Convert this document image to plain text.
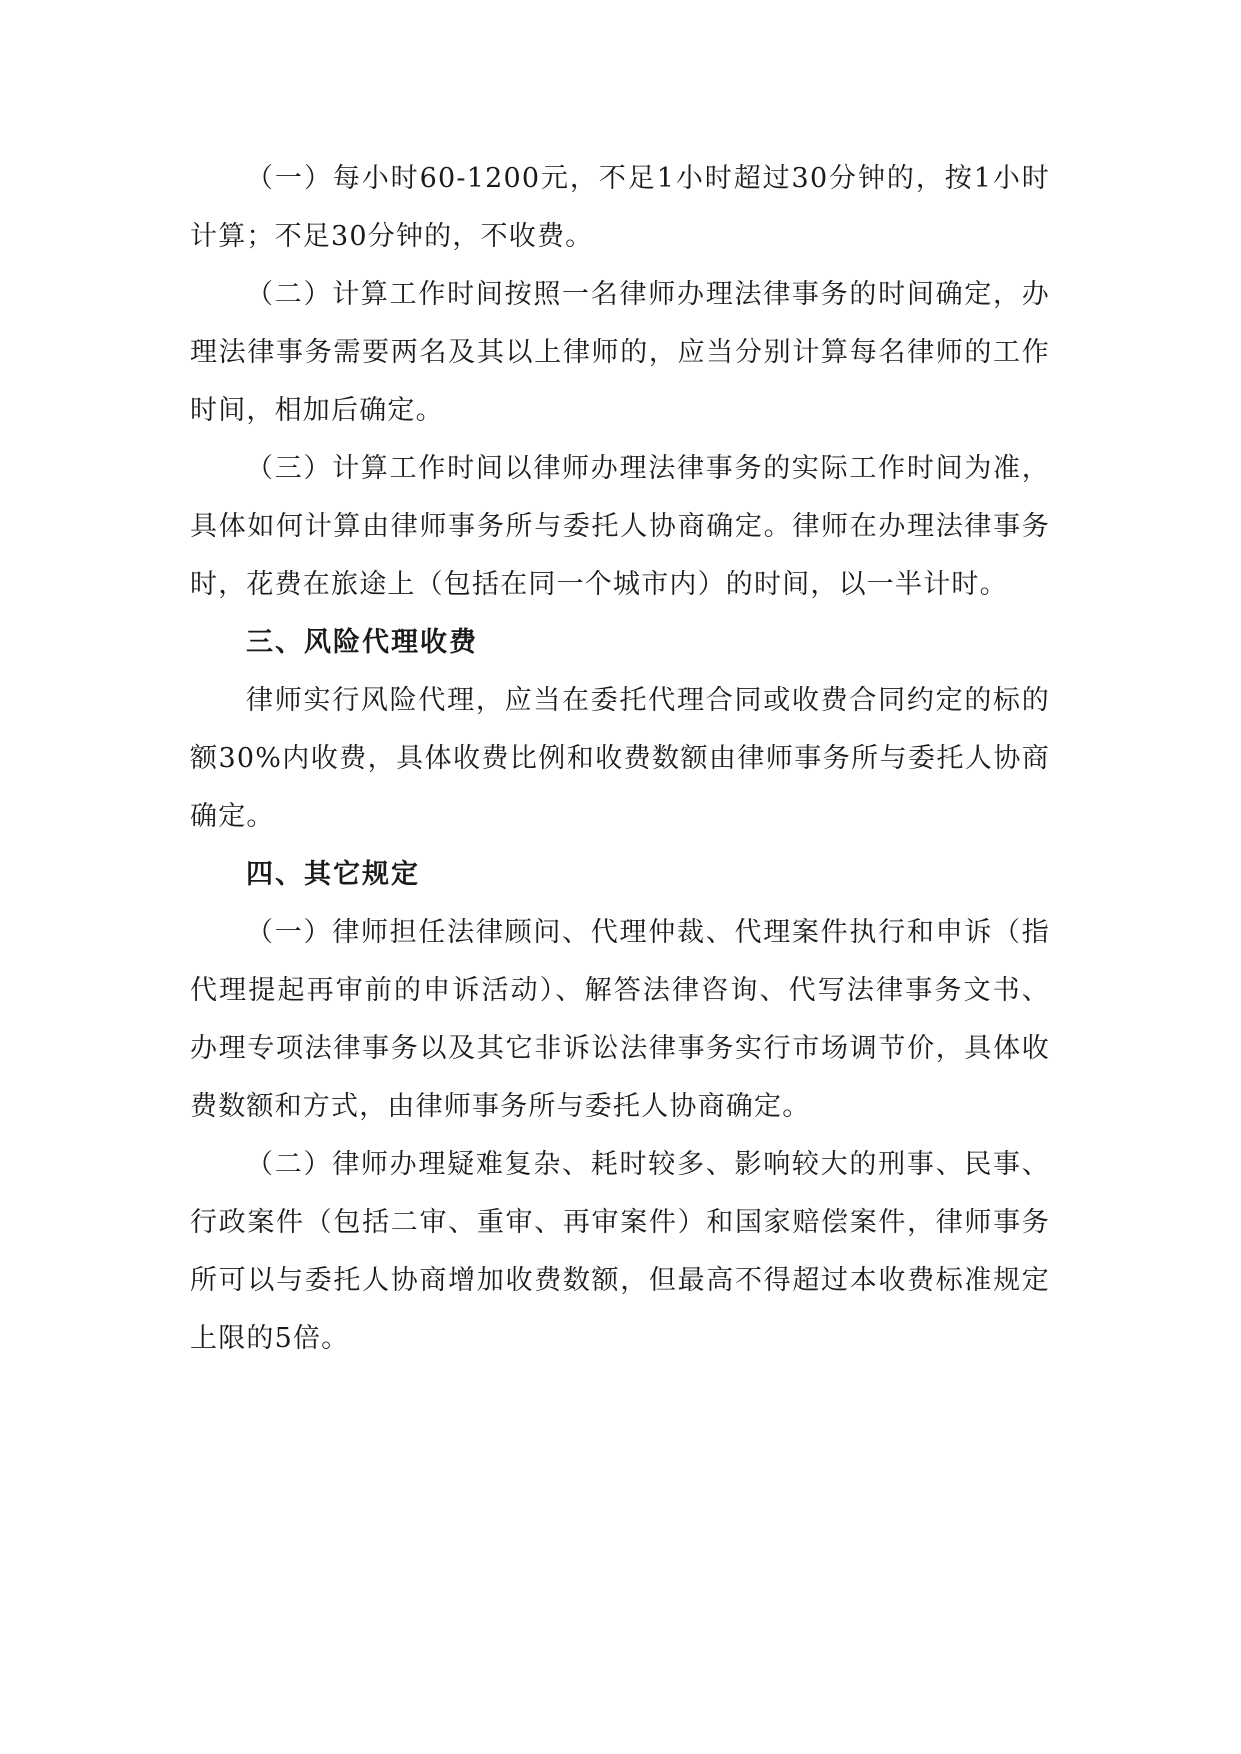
（一）每小时60-1200元，不足1小时超过30分钟的，按1小时计算；不足30分钟的，不收费。

（二）计算工作时间按照一名律师办理法律事务的时间确定，办理法律事务需要两名及其以上律师的，应当分别计算每名律师的工作时间，相加后确定。

（三）计算工作时间以律师办理法律事务的实际工作时间为准，具体如何计算由律师事务所与委托人协商确定。律师在办理法律事务时，花费在旅途上（包括在同一个城市内）的时间，以一半计时。

三、风险代理收费

律师实行风险代理，应当在委托代理合同或收费合同约定的标的额30%内收费，具体收费比例和收费数额由律师事务所与委托人协商确定。

四、其它规定

（一）律师担任法律顾问、代理仲裁、代理案件执行和申诉（指代理提起再审前的申诉活动）、解答法律咨询、代写法律事务文书、办理专项法律事务以及其它非诉讼法律事务实行市场调节价，具体收费数额和方式，由律师事务所与委托人协商确定。

（二）律师办理疑难复杂、耗时较多、影响较大的刑事、民事、行政案件（包括二审、重审、再审案件）和国家赔偿案件，律师事务所可以与委托人协商增加收费数额，但最高不得超过本收费标准规定上限的5倍。
